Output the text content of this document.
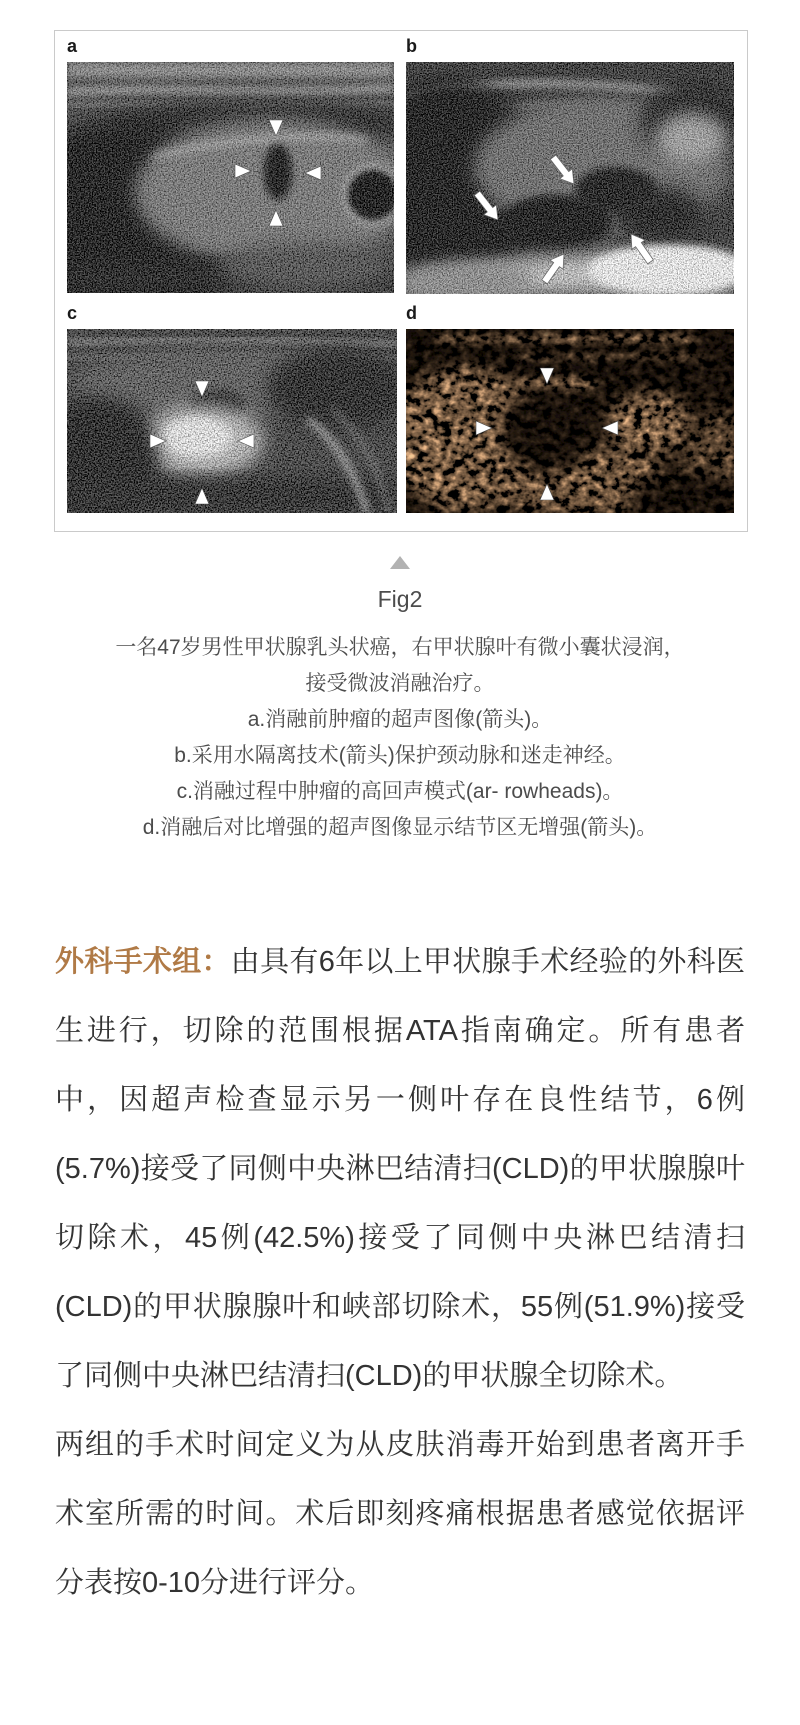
a	b
c	d
Fig2
一名47岁男性甲状腺乳头状癌，右甲状腺叶有微小囊状浸润，
接受微波消融治疗。
a.消融前肿瘤的超声图像(箭头)。
b.采用水隔离技术(箭头)保护颈动脉和迷走神经。
c.消融过程中肿瘤的高回声模式(ar- rowheads)。
d.消融后对比增强的超声图像显示结节区无增强(箭头)。

外科手术组：由具有6年以上甲状腺手术经验的外科医生进行，切除的范围根据ATA指南确定。所有患者中，因超声检查显示另一侧叶存在良性结节，6例(5.7%)接受了同侧中央淋巴结清扫(CLD)的甲状腺腺叶切除术，45例(42.5%)接受了同侧中央淋巴结清扫(CLD)的甲状腺腺叶和峡部切除术，55例(51.9%)接受了同侧中央淋巴结清扫(CLD)的甲状腺全切除术。

两组的手术时间定义为从皮肤消毒开始到患者离开手术室所需的时间。术后即刻疼痛根据患者感觉依据评分表按0-10分进行评分。
